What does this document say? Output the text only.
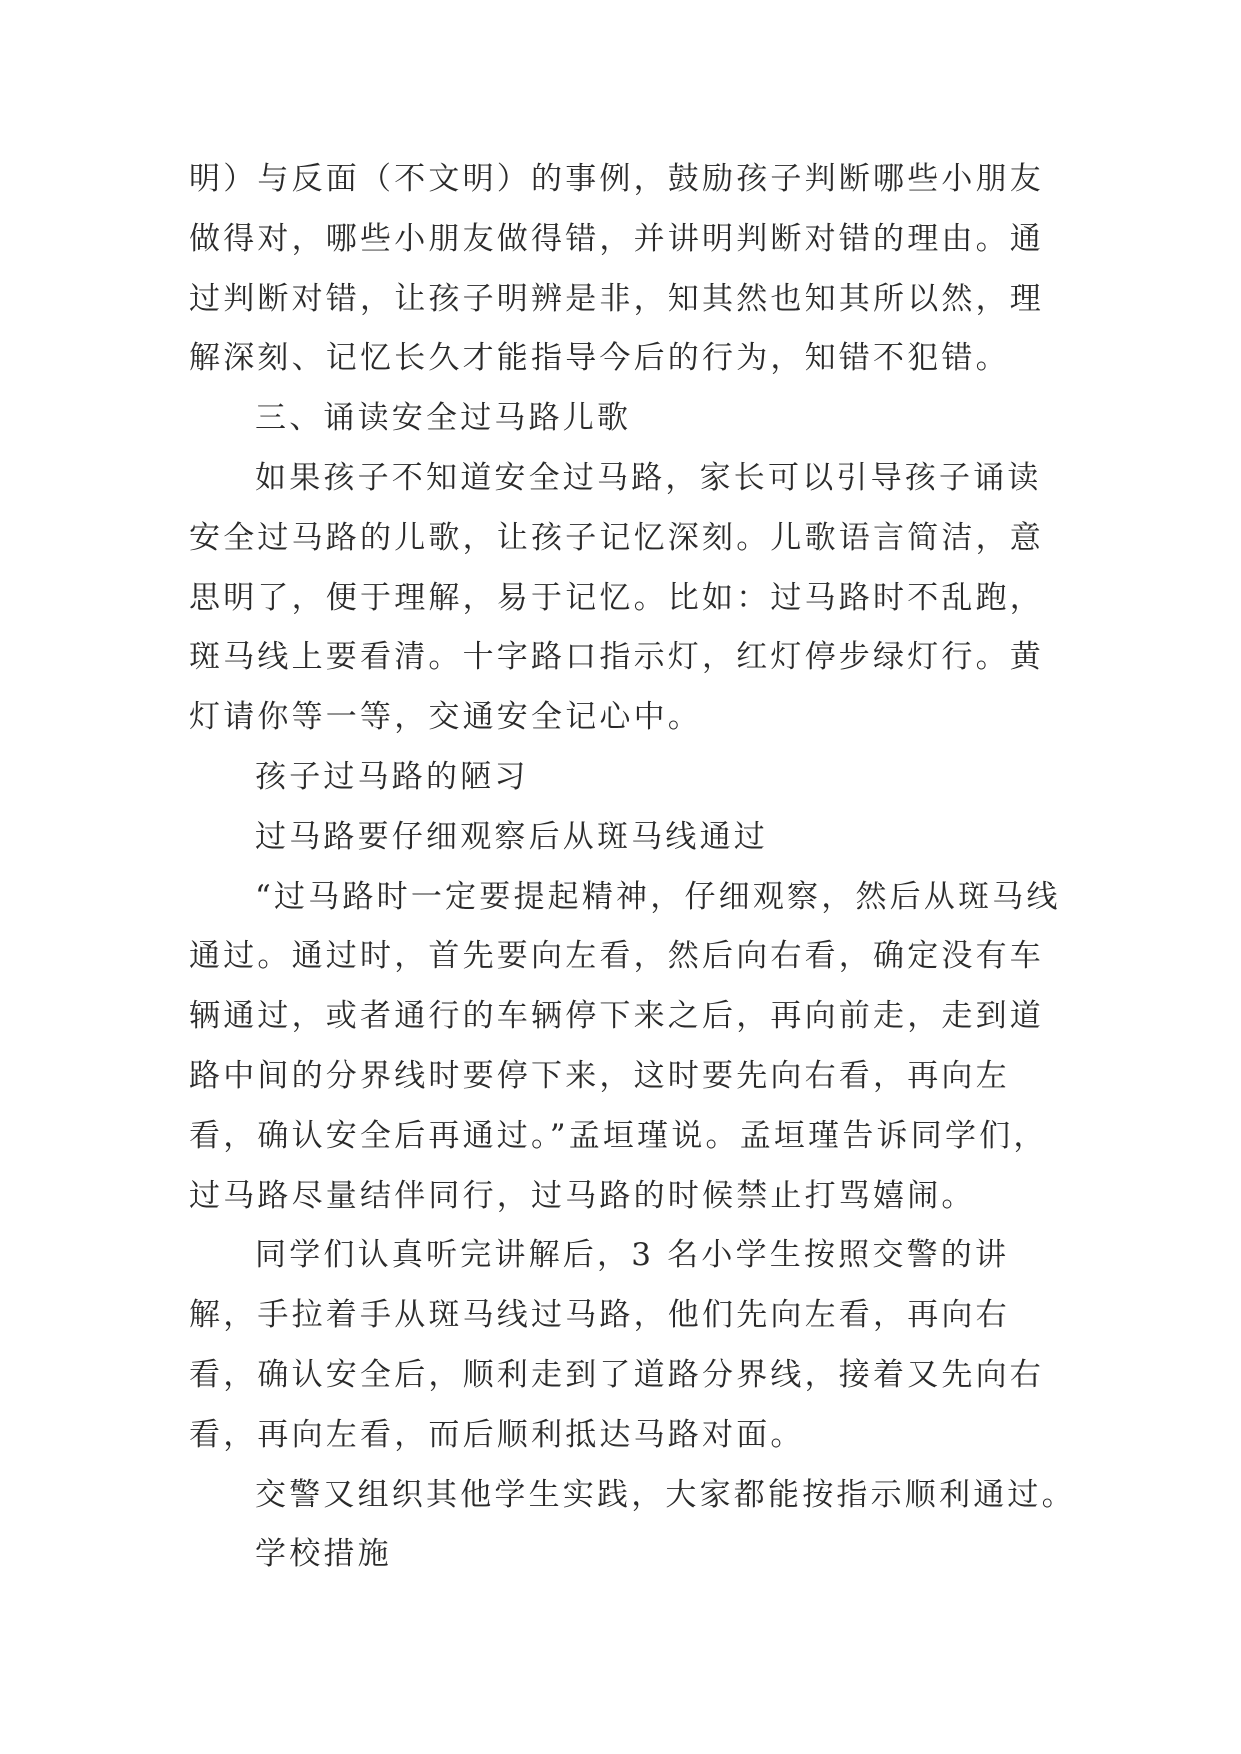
明）与反面（不文明）的事例，鼓励孩子判断哪些小朋友做得对，哪些小朋友做得错，并讲明判断对错的理由。通过判断对错，让孩子明辨是非，知其然也知其所以然，理解深刻、记忆长久才能指导今后的行为，知错不犯错。

三、诵读安全过马路儿歌

如果孩子不知道安全过马路，家长可以引导孩子诵读安全过马路的儿歌，让孩子记忆深刻。儿歌语言简洁，意思明了，便于理解，易于记忆。比如：过马路时不乱跑，斑马线上要看清。十字路口指示灯，红灯停步绿灯行。黄灯请你等一等，交通安全记心中。

孩子过马路的陋习

过马路要仔细观察后从斑马线通过

“过马路时一定要提起精神，仔细观察，然后从斑马线通过。通过时，首先要向左看，然后向右看，确定没有车辆通过，或者通行的车辆停下来之后，再向前走，走到道路中间的分界线时要停下来，这时要先向右看，再向左看，确认安全后再通过。”孟垣瑾说。孟垣瑾告诉同学们，过马路尽量结伴同行，过马路的时候禁止打骂嬉闹。

同学们认真听完讲解后，3 名小学生按照交警的讲解，手拉着手从斑马线过马路，他们先向左看，再向右看，确认安全后，顺利走到了道路分界线，接着又先向右看，再向左看，而后顺利抵达马路对面。

交警又组织其他学生实践，大家都能按指示顺利通过。

学校措施
